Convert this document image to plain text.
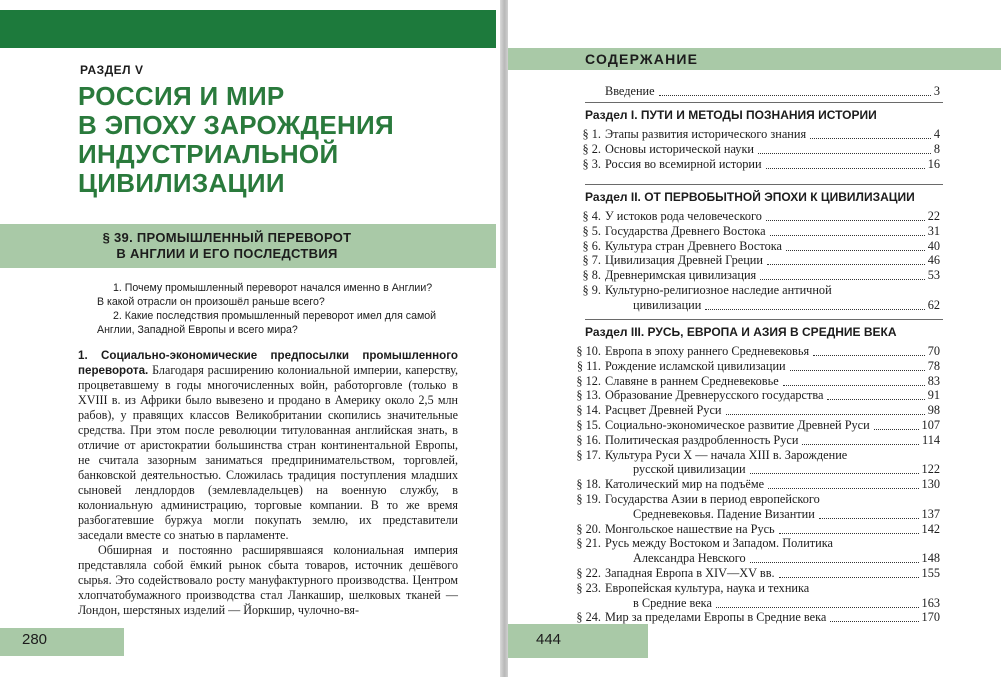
РАЗДЕЛ V
РОССИЯ И МИР
В ЭПОХУ ЗАРОЖДЕНИЯ
ИНДУСТРИАЛЬНОЙ
ЦИВИЛИЗАЦИИ
§ 39. ПРОМЫШЛЕННЫЙ ПЕРЕВОРОТ
В АНГЛИИ И ЕГО ПОСЛЕДСТВИЯ

1. Почему промышленный переворот начался именно в Англии?

В какой отрасли он произошёл раньше всего?

2. Какие последствия промышленный переворот имел для самой

Англии, Западной Европы и всего мира?

1. Социально-экономические предпосылки промышленного переворота. Благодаря расширению колониальной империи, каперству, процветавшему в годы многочисленных войн, работорговле (только в XVIII в. из Африки было вывезено и продано в Америку около 2,5 млн рабов), у правящих классов Великобритании скопились значительные средства. При этом после революции титулованная английская знать, в отличие от аристократии большинства стран континентальной Европы, не считала зазорным заниматься предпринимательством, торговлей, банковской деятельностью. Сложилась традиция поступления младших сыновей лендлордов (землевладельцев) на военную службу, в колониальную администрацию, торговые компании. В то же время разбогатевшие буржуа могли покупать землю, их представители заседали вместе со знатью в парламенте.

Обширная и постоянно расширявшаяся колониальная империя представляла собой ёмкий рынок сбыта товаров, источник дешёвого сырья. Это содействовало росту мануфактурного производства. Центром хлопчатобумажного производства стал Ланкашир, шелковых тканей — Лондон, шерстяных изделий — Йоркшир, чулочно-вя-

280
СОДЕРЖАНИЕ
Введение	3
Раздел I. ПУТИ И МЕТОДЫ ПОЗНАНИЯ ИСТОРИИ
§ 1. Этапы развития исторического знания	4
§ 2. Основы исторической науки	8
§ 3. Россия во всемирной истории	16
Раздел II. ОТ ПЕРВОБЫТНОЙ ЭПОХИ К ЦИВИЛИЗАЦИИ
§ 4. У истоков рода человеческого	22
§ 5. Государства Древнего Востока	31
§ 6. Культура стран Древнего Востока	40
§ 7. Цивилизация Древней Греции	46
§ 8. Древнеримская цивилизация	53
§ 9. Культурно-религиозное наследие античной
цивилизации	62
Раздел III. РУСЬ, ЕВРОПА И АЗИЯ В СРЕДНИЕ ВЕКА
§ 10. Европа в эпоху раннего Средневековья	70
§ 11. Рождение исламской цивилизации	78
§ 12. Славяне в раннем Средневековье	83
§ 13. Образование Древнерусского государства	91
§ 14. Расцвет Древней Руси	98
§ 15. Социально-экономическое развитие Древней Руси	107
§ 16. Политическая раздробленность Руси	114
§ 17. Культура Руси X — начала XIII в. Зарождение
русской цивилизации	122
§ 18. Католический мир на подъёме	130
§ 19. Государства Азии в период европейского
Средневековья. Падение Византии	137
§ 20. Монгольское нашествие на Русь	142
§ 21. Русь между Востоком и Западом. Политика
Александра Невского	148
§ 22. Западная Европа в XIV—XV вв.	155
§ 23. Европейская культура, наука и техника
в Средние века	163
§ 24. Мир за пределами Европы в Средние века	170
444
